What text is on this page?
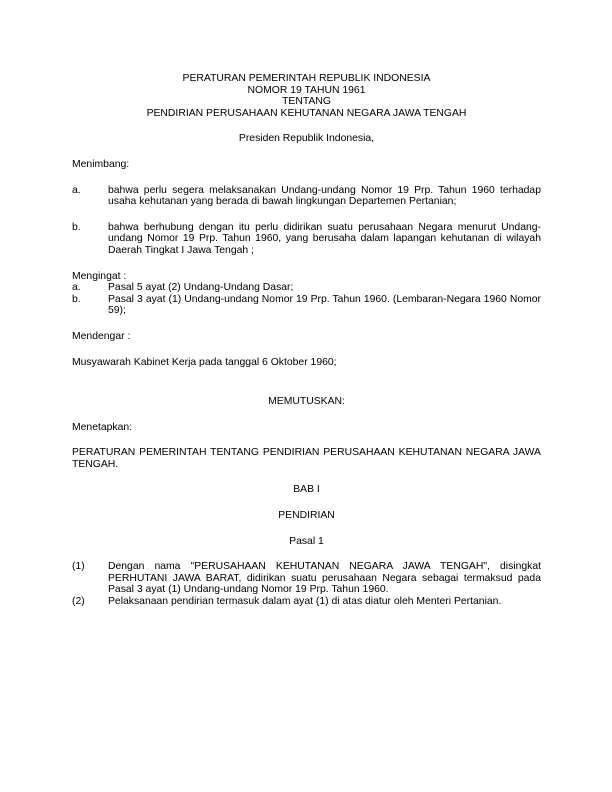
PERATURAN PEMERINTAH REPUBLIK INDONESIA
NOMOR 19 TAHUN 1961
TENTANG
PENDIRIAN PERUSAHAAN KEHUTANAN NEGARA JAWA TENGAH
Presiden Republik Indonesia,
Menimbang:
a.	bahwa perlu segera melaksanakan Undang-undang Nomor 19 Prp. Tahun 1960 terhadap usaha kehutanan yang berada di bawah lingkungan Departemen Pertanian;
b.	bahwa berhubung dengan itu perlu didirikan suatu perusahaan Negara menurut Undang-undang Nomor 19 Prp. Tahun 1960, yang berusaha dalam lapangan kehutanan di wilayah Daerah Tingkat I Jawa Tengah ;
Mengingat :
a.	Pasal 5 ayat (2) Undang-Undang Dasar;
b.	Pasal 3 ayat (1) Undang-undang Nomor 19 Prp. Tahun 1960. (Lembaran-Negara 1960 Nomor 59);
Mendengar :
Musyawarah Kabinet Kerja pada tanggal 6 Oktober 1960;
MEMUTUSKAN:
Menetapkan:
PERATURAN PEMERINTAH TENTANG PENDIRIAN PERUSAHAAN KEHUTANAN NEGARA JAWA TENGAH.
BAB I
PENDIRIAN
Pasal 1
(1)	Dengan nama "PERUSAHAAN KEHUTANAN NEGARA JAWA TENGAH", disingkat PERHUTANI JAWA BARAT, didirikan suatu perusahaan Negara sebagai termaksud pada Pasal 3 ayat (1) Undang-undang Nomor 19 Prp. Tahun 1960.
(2)	Pelaksanaan pendirian termasuk dalam ayat (1) di atas diatur oleh Menteri Pertanian.
